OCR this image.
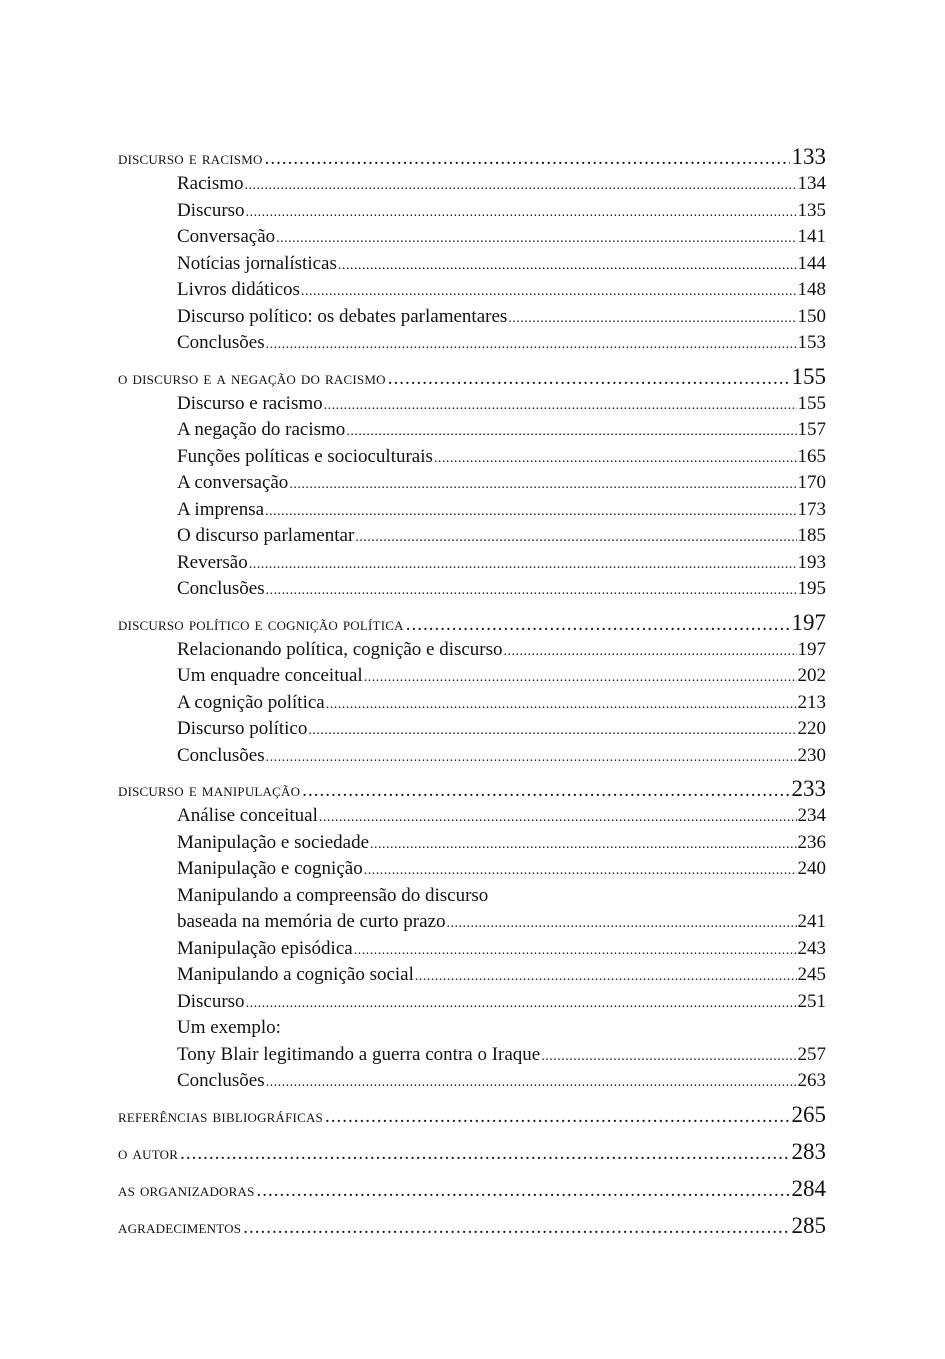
discurso e racismo .....	133
Racismo .....	134
Discurso .....	135
Conversação .....	141
Notícias jornalísticas .....	144
Livros didáticos .....	148
Discurso político: os debates parlamentares .....	150
Conclusões .....	153
o discurso e a negação do racismo .....	155
Discurso e racismo .....	155
A negação do racismo .....	157
Funções políticas e socioculturais .....	165
A conversação .....	170
A imprensa .....	173
O discurso parlamentar .....	185
Reversão .....	193
Conclusões .....	195
discurso político e cognição política .....	197
Relacionando política, cognição e discurso .....	197
Um enquadre conceitual .....	202
A cognição política .....	213
Discurso político .....	220
Conclusões .....	230
discurso e manipulação .....	233
Análise conceitual .....	234
Manipulação e sociedade .....	236
Manipulação e cognição .....	240
Manipulando a compreensão do discurso
baseada na memória de curto prazo .....	241
Manipulação episódica .....	243
Manipulando a cognição social .....	245
Discurso .....	251
Um exemplo:
Tony Blair legitimando a guerra contra o Iraque .....	257
Conclusões .....	263
referências bibliográficas .....	265
o autor .....	283
as organizadoras .....	284
agradecimentos .....	285
